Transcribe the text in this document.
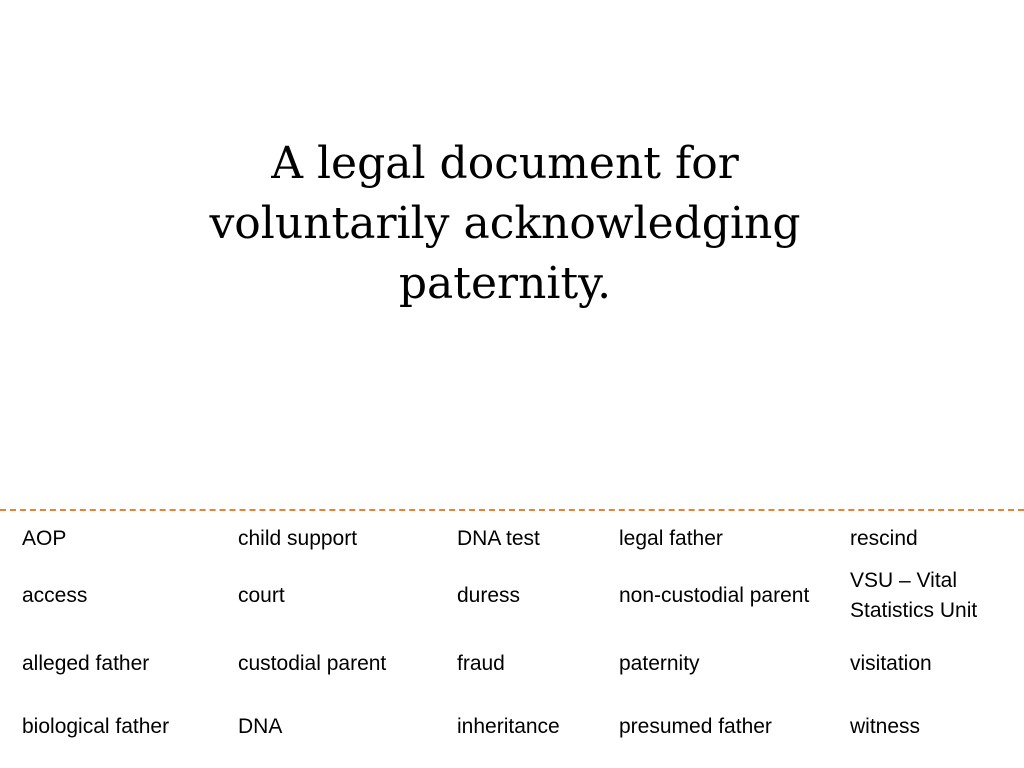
A legal document for
voluntarily acknowledging
paternity.
AOP	child support	DNA test	legal father	rescind
access	court	duress	non-custodial parent	VSU – Vital Statistics Unit
alleged father	custodial parent	fraud	paternity	visitation
biological father	DNA	inheritance	presumed father	witness
